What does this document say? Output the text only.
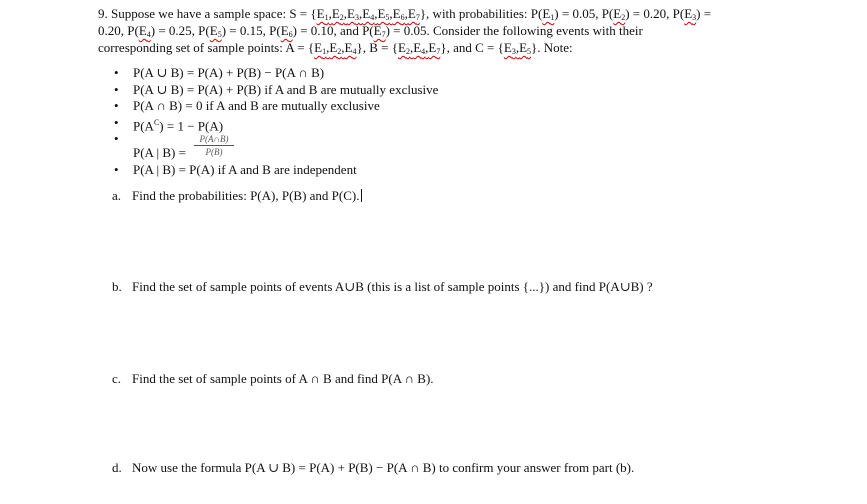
9. Suppose we have a sample space: $S = \{E_1,E_2,E_3,E_4,E_5,E_6,E_7\}$, with probabilities: $P(E_1) = 0.05$, $P(E_2) = 0.20$, $P(E_3)$ =
0.20, $P(E_4) = 0.25$, $P(E_5) = 0.15$, $P(E_6) = 0.10$, and $P(E_7) = 0.05$. Consider the following events with their
corresponding set of sample points: $A = \{E_1,E_2,E_4\}$, $B = \{E_2,E_4,E_7\}$, and $C = \{E_3,E_5\}$. Note:
• P(A ∪ B) = P(A) + P(B) − P(A ∩ B)
• P(A ∪ B) = P(A) + P(B) if A and B are mutually exclusive
• P(A ∩ B) = 0 if A and B are mutually exclusive
• $P(A^C) = 1 - P(A)$
• P(A | $B) = \frac{P(A\cap B)}{P(B)}$
• P(A | B) = P(A) if A and B are independent
a. Find the probabilities: P(A), P(B) and P(C).
b. Find the set of sample points of events A∪B (this is a list of sample points {...}) and find P(A∪B) ?
c. Find the set of sample points of A ∩ B and find P(A ∩ B).
d. Now use the formula P(A ∪ B) = P(A) + P(B) − P(A ∩ B) to confirm your answer from part (b).
